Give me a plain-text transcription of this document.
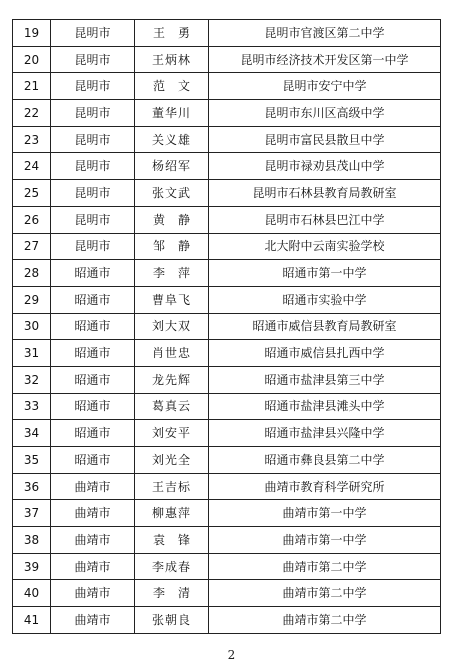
19	昆明市	王勇	昆明市官渡区第二中学
20	昆明市	王炳林	昆明市经济技术开发区第一中学
21	昆明市	范文	昆明市安宁中学
22	昆明市	董华川	昆明市东川区高级中学
23	昆明市	关义雄	昆明市富民县散旦中学
24	昆明市	杨绍军	昆明市禄劝县茂山中学
25	昆明市	张文武	昆明市石林县教育局教研室
26	昆明市	黄静	昆明市石林县巴江中学
27	昆明市	邹静	北大附中云南实验学校
28	昭通市	李萍	昭通市第一中学
29	昭通市	曹阜飞	昭通市实验中学
30	昭通市	刘大双	昭通市威信县教育局教研室
31	昭通市	肖世忠	昭通市威信县扎西中学
32	昭通市	龙先辉	昭通市盐津县第三中学
33	昭通市	葛真云	昭通市盐津县滩头中学
34	昭通市	刘安平	昭通市盐津县兴隆中学
35	昭通市	刘光全	昭通市彝良县第二中学
36	曲靖市	王吉标	曲靖市教育科学研究所
37	曲靖市	柳惠萍	曲靖市第一中学
38	曲靖市	袁锋	曲靖市第一中学
39	曲靖市	李成春	曲靖市第二中学
40	曲靖市	李清	曲靖市第二中学
41	曲靖市	张朝良	曲靖市第二中学
2
